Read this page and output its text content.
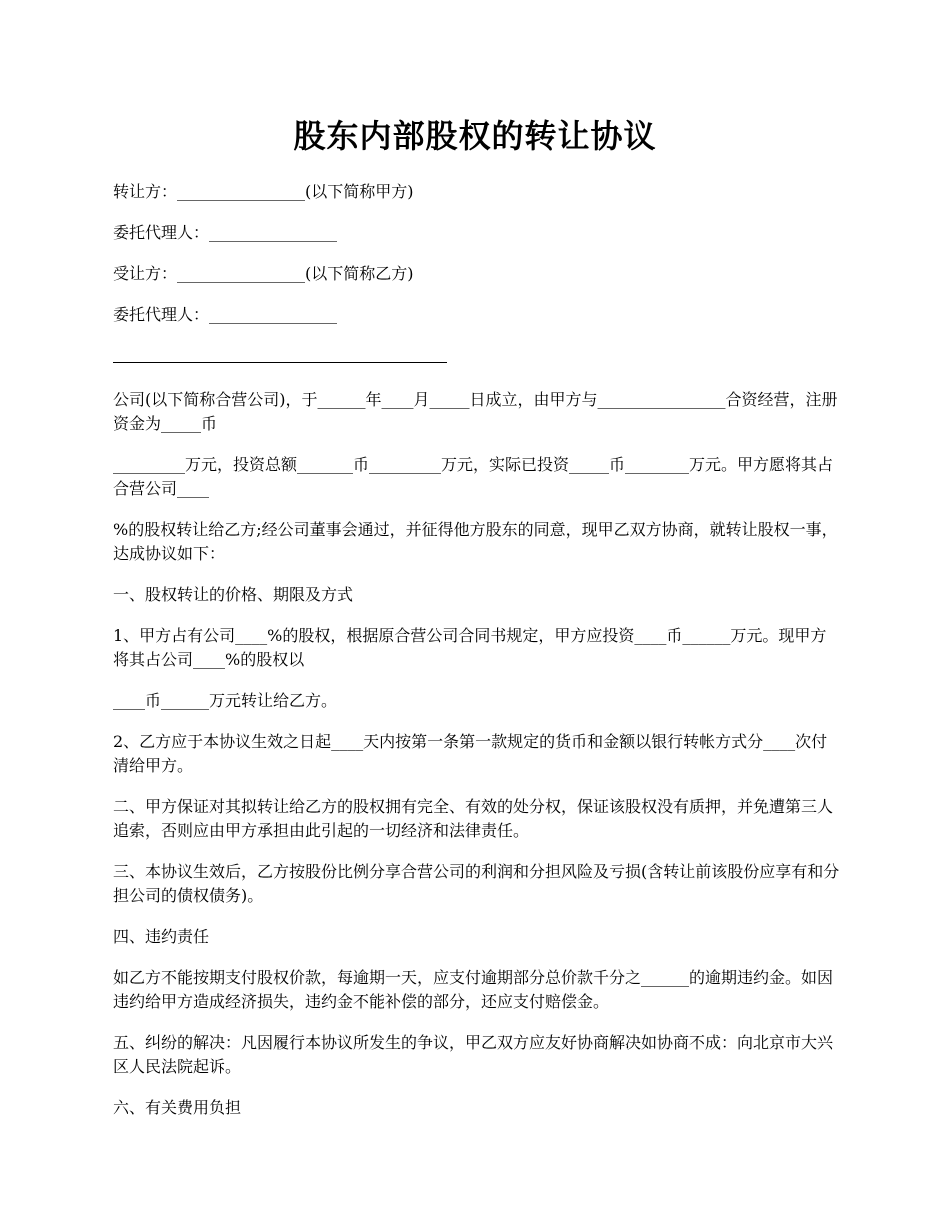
股东内部股权的转让协议

转让方：________________(以下简称甲方)

委托代理人：________________

受让方：________________(以下简称乙方)

委托代理人：________________

公司(以下简称合营公司)，于______年____月_____日成立，由甲方与________________合资经营，注册资金为_____币

_________万元，投资总额_______币_________万元，实际已投资_____币________万元。甲方愿将其占合营公司____

%的股权转让给乙方;经公司董事会通过，并征得他方股东的同意，现甲乙双方协商，就转让股权一事，达成协议如下：

一、股权转让的价格、期限及方式

1、甲方占有公司____%的股权，根据原合营公司合同书规定，甲方应投资____币______万元。现甲方将其占公司____%的股权以

____币______万元转让给乙方。

2、乙方应于本协议生效之日起____天内按第一条第一款规定的货币和金额以银行转帐方式分____次付清给甲方。

二、甲方保证对其拟转让给乙方的股权拥有完全、有效的处分权，保证该股权没有质押，并免遭第三人追索，否则应由甲方承担由此引起的一切经济和法律责任。

三、本协议生效后，乙方按股份比例分享合营公司的利润和分担风险及亏损(含转让前该股份应享有和分担公司的债权债务)。

四、违约责任

如乙方不能按期支付股权价款，每逾期一天，应支付逾期部分总价款千分之______的逾期违约金。如因违约给甲方造成经济损失，违约金不能补偿的部分，还应支付赔偿金。

五、纠纷的解决：凡因履行本协议所发生的争议，甲乙双方应友好协商解决如协商不成：向北京市大兴区人民法院起诉。

六、有关费用负担
